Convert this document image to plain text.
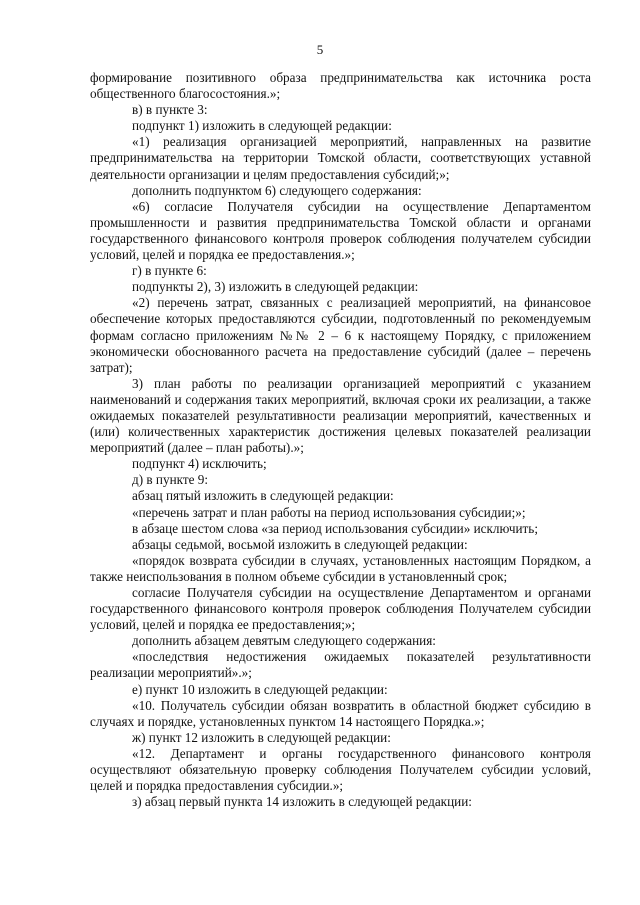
5

формирование позитивного образа предпринимательства как источника роста общественного благосостояния.»;

в) в пункте 3:

подпункт 1) изложить в следующей редакции:

«1) реализация организацией мероприятий, направленных на развитие предпринимательства на территории Томской области, соответствующих уставной деятельности организации и целям предоставления субсидий;»;

дополнить подпунктом 6) следующего содержания:

«6) согласие Получателя субсидии на осуществление Департаментом промышленности и развития предпринимательства Томской области и органами государственного финансового контроля проверок соблюдения получателем субсидии условий, целей и порядка ее предоставления.»;

г) в пункте 6:

подпункты 2), 3) изложить в следующей редакции:

«2) перечень затрат, связанных с реализацией мероприятий, на финансовое обеспечение которых предоставляются субсидии, подготовленный по рекомендуемым формам согласно приложениям №№ 2 – 6 к настоящему Порядку, с приложением экономически обоснованного расчета на предоставление субсидий (далее – перечень затрат);

3) план работы по реализации организацией мероприятий с указанием наименований и содержания таких мероприятий, включая сроки их реализации, а также ожидаемых показателей результативности реализации мероприятий, качественных и (или) количественных характеристик достижения целевых показателей реализации мероприятий (далее – план работы).»;

подпункт 4) исключить;

д) в пункте 9:

абзац пятый изложить в следующей редакции:

«перечень затрат и план работы на период использования субсидии;»;

в абзаце шестом слова «за период использования субсидии» исключить;

абзацы седьмой, восьмой изложить в следующей редакции:

«порядок возврата субсидии в случаях, установленных настоящим Порядком, а также неиспользования в полном объеме субсидии в установленный срок;

согласие Получателя субсидии на осуществление Департаментом и органами государственного финансового контроля проверок соблюдения Получателем субсидии условий, целей и порядка ее предоставления;»;

дополнить абзацем девятым следующего содержания:

«последствия недостижения ожидаемых показателей результативности реализации мероприятий».»;

е) пункт 10 изложить в следующей редакции:

«10. Получатель субсидии обязан возвратить в областной бюджет субсидию в случаях и порядке, установленных пунктом 14 настоящего Порядка.»;

ж) пункт 12 изложить в следующей редакции:

«12. Департамент и органы государственного финансового контроля осуществляют обязательную проверку соблюдения Получателем субсидии условий, целей и порядка предоставления субсидии.»;

з) абзац первый пункта 14 изложить в следующей редакции:
